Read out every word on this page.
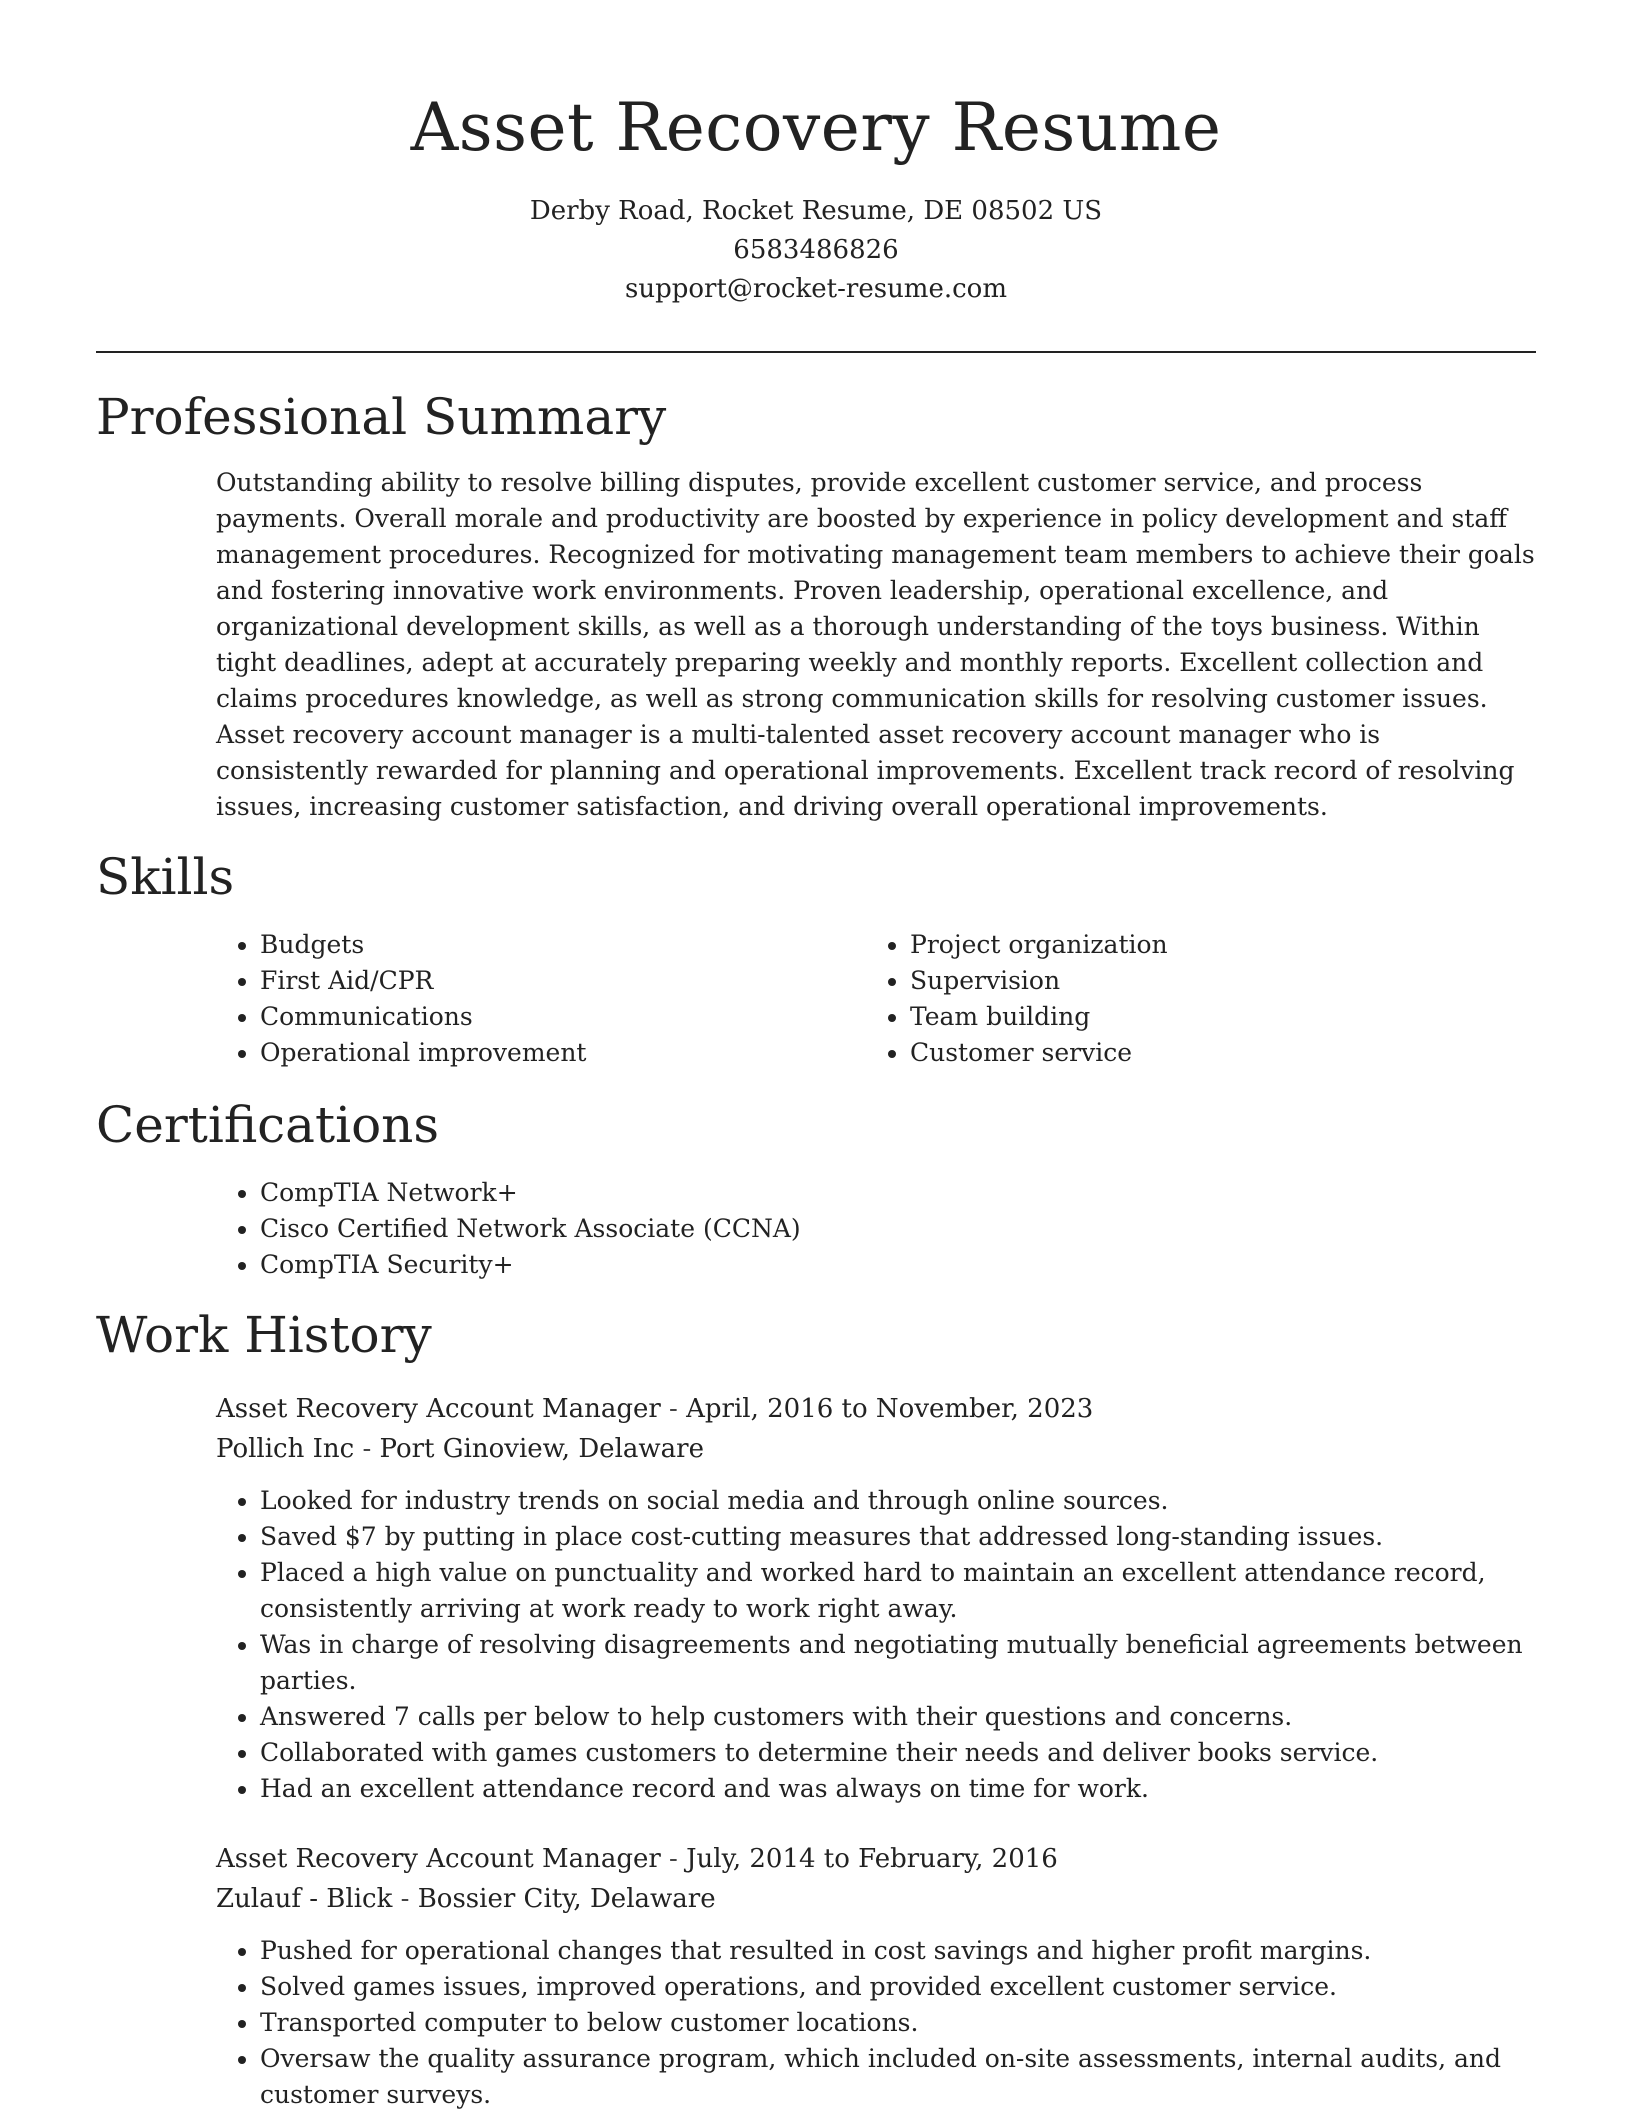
Asset Recovery Resume
Derby Road, Rocket Resume, DE 08502 US
6583486826
support@rocket-resume.com
Professional Summary

Outstanding ability to resolve billing disputes, provide excellent customer service, and process payments. Overall morale and productivity are boosted by experience in policy development and staff management procedures. Recognized for motivating management team members to achieve their goals and fostering innovative work environments. Proven leadership, operational excellence, and organizational development skills, as well as a thorough understanding of the toys business. Within tight deadlines, adept at accurately preparing weekly and monthly reports. Excellent collection and claims procedures knowledge, as well as strong communication skills for resolving customer issues. Asset recovery account manager is a multi-talented asset recovery account manager who is consistently rewarded for planning and operational improvements. Excellent track record of resolving issues, increasing customer satisfaction, and driving overall operational improvements.

Skills
• Budgets
• First Aid/CPR
• Communications
• Operational improvement
• Project organization
• Supervision
• Team building
• Customer service
Certifications
• CompTIA Network+
• Cisco Certified Network Associate (CCNA)
• CompTIA Security+
Work History
Asset Recovery Account Manager - April, 2016 to November, 2023
Pollich Inc - Port Ginoview, Delaware
• Looked for industry trends on social media and through online sources.
• Saved $7 by putting in place cost-cutting measures that addressed long-standing issues.
• Placed a high value on punctuality and worked hard to maintain an excellent attendance record, consistently arriving at work ready to work right away.
• Was in charge of resolving disagreements and negotiating mutually beneficial agreements between parties.
• Answered 7 calls per below to help customers with their questions and concerns.
• Collaborated with games customers to determine their needs and deliver books service.
• Had an excellent attendance record and was always on time for work.
Asset Recovery Account Manager - July, 2014 to February, 2016
Zulauf - Blick - Bossier City, Delaware
• Pushed for operational changes that resulted in cost savings and higher profit margins.
• Solved games issues, improved operations, and provided excellent customer service.
• Transported computer to below customer locations.
• Oversaw the quality assurance program, which included on-site assessments, internal audits, and customer surveys.
